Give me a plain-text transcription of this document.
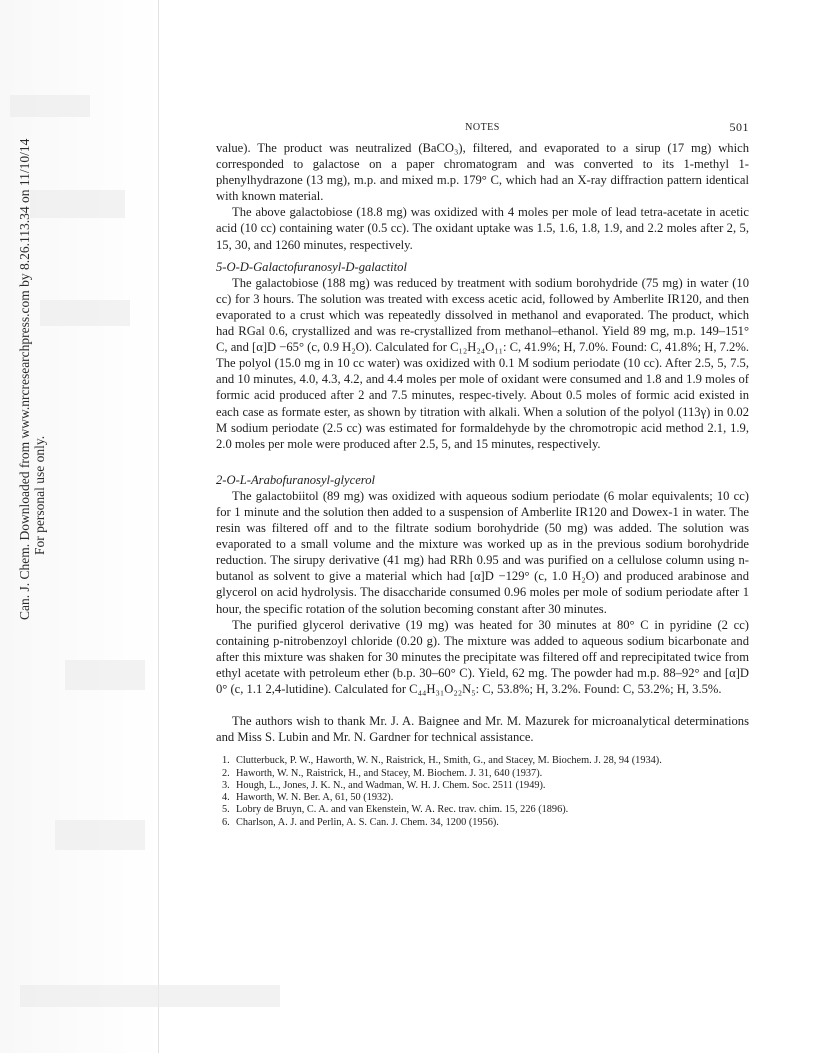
Can. J. Chem. Downloaded from www.nrcresearchpress.com by 8.26.113.34 on 11/10/14 For personal use only.
NOTES	501

value). The product was neutralized (BaCO₃), filtered, and evaporated to a sirup (17 mg) which corresponded to galactose on a paper chromatogram and was converted to its 1-methyl 1-phenylhydrazone (13 mg), m.p. and mixed m.p. 179° C, which had an X-ray diffraction pattern identical with known material.

The above galactobiose (18.8 mg) was oxidized with 4 moles per mole of lead tetra-acetate in acetic acid (10 cc) containing water (0.5 cc). The oxidant uptake was 1.5, 1.6, 1.8, 1.9, and 2.2 moles after 2, 5, 15, 30, and 1260 minutes, respectively.

5-O-D-Galactofuranosyl-D-galactitol

The galactobiose (188 mg) was reduced by treatment with sodium borohydride (75 mg) in water (10 cc) for 3 hours. The solution was treated with excess acetic acid, followed by Amberlite IR120, and then evaporated to a crust which was repeatedly dissolved in methanol and evaporated. The product, which had RGal 0.6, crystallized and was re-crystallized from methanol–ethanol. Yield 89 mg, m.p. 149–151° C, and [α]D −65° (c, 0.9 H₂O). Calculated for C₁₂H₂₄O₁₁: C, 41.9%; H, 7.0%. Found: C, 41.8%; H, 7.2%. The polyol (15.0 mg in 10 cc water) was oxidized with 0.1 M sodium periodate (10 cc). After 2.5, 5, 7.5, and 10 minutes, 4.0, 4.3, 4.2, and 4.4 moles per mole of oxidant were consumed and 1.8 and 1.9 moles of formic acid produced after 2 and 7.5 minutes, respec-tively. About 0.5 moles of formic acid existed in each case as formate ester, as shown by titration with alkali. When a solution of the polyol (113γ) in 0.02 M sodium periodate (2.5 cc) was estimated for formaldehyde by the chromotropic acid method 2.1, 1.9, 2.0 moles per mole were produced after 2.5, 5, and 15 minutes, respectively.

2-O-L-Arabofuranosyl-glycerol

The galactobiitol (89 mg) was oxidized with aqueous sodium periodate (6 molar equivalents; 10 cc) for 1 minute and the solution then added to a suspension of Amberlite IR120 and Dowex-1 in water. The resin was filtered off and to the filtrate sodium borohydride (50 mg) was added. The solution was evaporated to a small volume and the mixture was worked up as in the previous sodium borohydride reduction. The sirupy derivative (41 mg) had RRh 0.95 and was purified on a cellulose column using n-butanol as solvent to give a material which had [α]D −129° (c, 1.0 H₂O) and produced arabinose and glycerol on acid hydrolysis. The disaccharide consumed 0.96 moles per mole of sodium periodate after 1 hour, the specific rotation of the solution becoming constant after 30 minutes.

The purified glycerol derivative (19 mg) was heated for 30 minutes at 80° C in pyridine (2 cc) containing p-nitrobenzoyl chloride (0.20 g). The mixture was added to aqueous sodium bicarbonate and after this mixture was shaken for 30 minutes the precipitate was filtered off and reprecipitated twice from ethyl acetate with petroleum ether (b.p. 30–60° C). Yield, 62 mg. The powder had m.p. 88–92° and [α]D 0° (c, 1.1 2,4-lutidine). Calculated for C₄₄H₃₁O₂₂N₅: C, 53.8%; H, 3.2%. Found: C, 53.2%; H, 3.5%.

The authors wish to thank Mr. J. A. Baignee and Mr. M. Mazurek for microanalytical determinations and Miss S. Lubin and Mr. N. Gardner for technical assistance.

1. Clutterbuck, P. W., Haworth, W. N., Raistrick, H., Smith, G., and Stacey, M. Biochem. J. 28, 94 (1934).
2. Haworth, W. N., Raistrick, H., and Stacey, M. Biochem. J. 31, 640 (1937).
3. Hough, L., Jones, J. K. N., and Wadman, W. H. J. Chem. Soc. 2511 (1949).
4. Haworth, W. N. Ber. A, 61, 50 (1932).
5. Lobry de Bruyn, C. A. and van Ekenstein, W. A. Rec. trav. chim. 15, 226 (1896).
6. Charlson, A. J. and Perlin, A. S. Can. J. Chem. 34, 1200 (1956).
